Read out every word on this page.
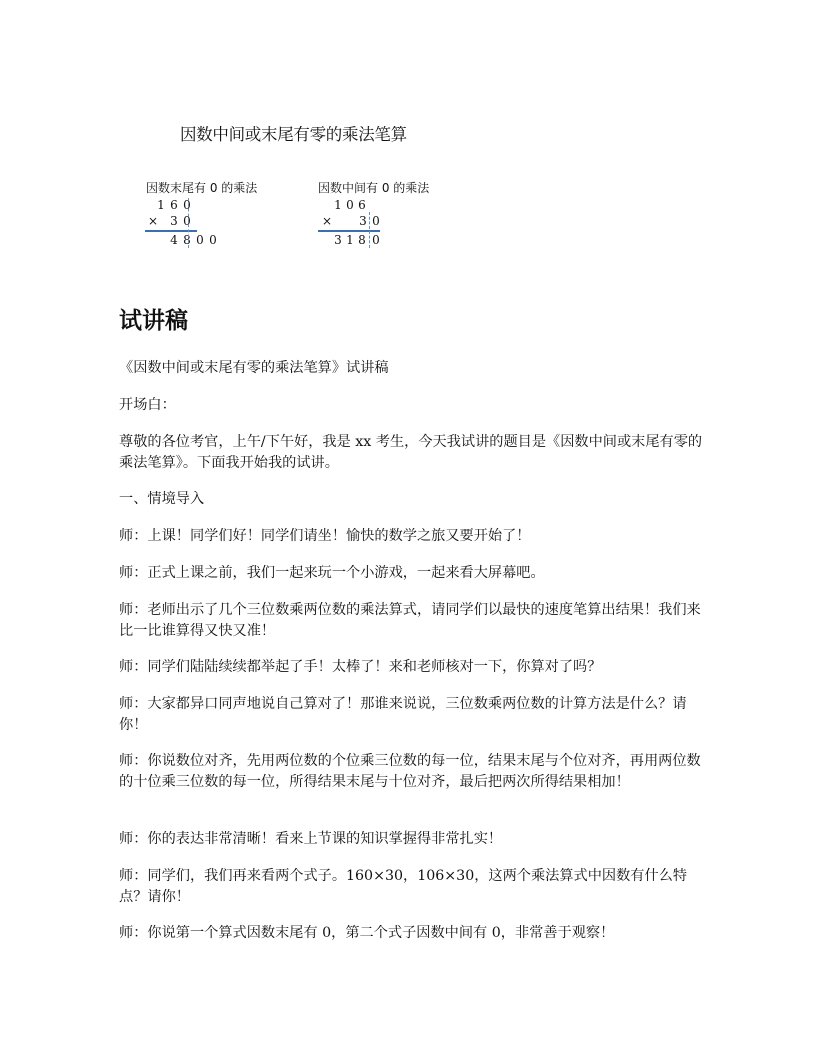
因数中间或末尾有零的乘法笔算
因数末尾有 0 的乘法
1 6 0
× 3 0
4 8 0 0
因数中间有 0 的乘法
1 0 6
× 3 0
3 1 8 0
试讲稿

《因数中间或末尾有零的乘法笔算》试讲稿

开场白：

尊敬的各位考官，上午/下午好，我是 xx 考生，今天我试讲的题目是《因数中间或末尾有零的乘法笔算》。下面我开始我的试讲。

一、情境导入

师：上课！同学们好！同学们请坐！愉快的数学之旅又要开始了！

师：正式上课之前，我们一起来玩一个小游戏，一起来看大屏幕吧。

师：老师出示了几个三位数乘两位数的乘法算式，请同学们以最快的速度笔算出结果！我们来比一比谁算得又快又准！

师：同学们陆陆续续都举起了手！太棒了！来和老师核对一下，你算对了吗？

师：大家都异口同声地说自己算对了！那谁来说说，三位数乘两位数的计算方法是什么？请你！

师：你说数位对齐，先用两位数的个位乘三位数的每一位，结果末尾与个位对齐，再用两位数的十位乘三位数的每一位，所得结果末尾与十位对齐，最后把两次所得结果相加！

师：你的表达非常清晰！看来上节课的知识掌握得非常扎实！

师：同学们，我们再来看两个式子。160×30，106×30，这两个乘法算式中因数有什么特点？请你！

师：你说第一个算式因数末尾有 0，第二个式子因数中间有 0，非常善于观察！
